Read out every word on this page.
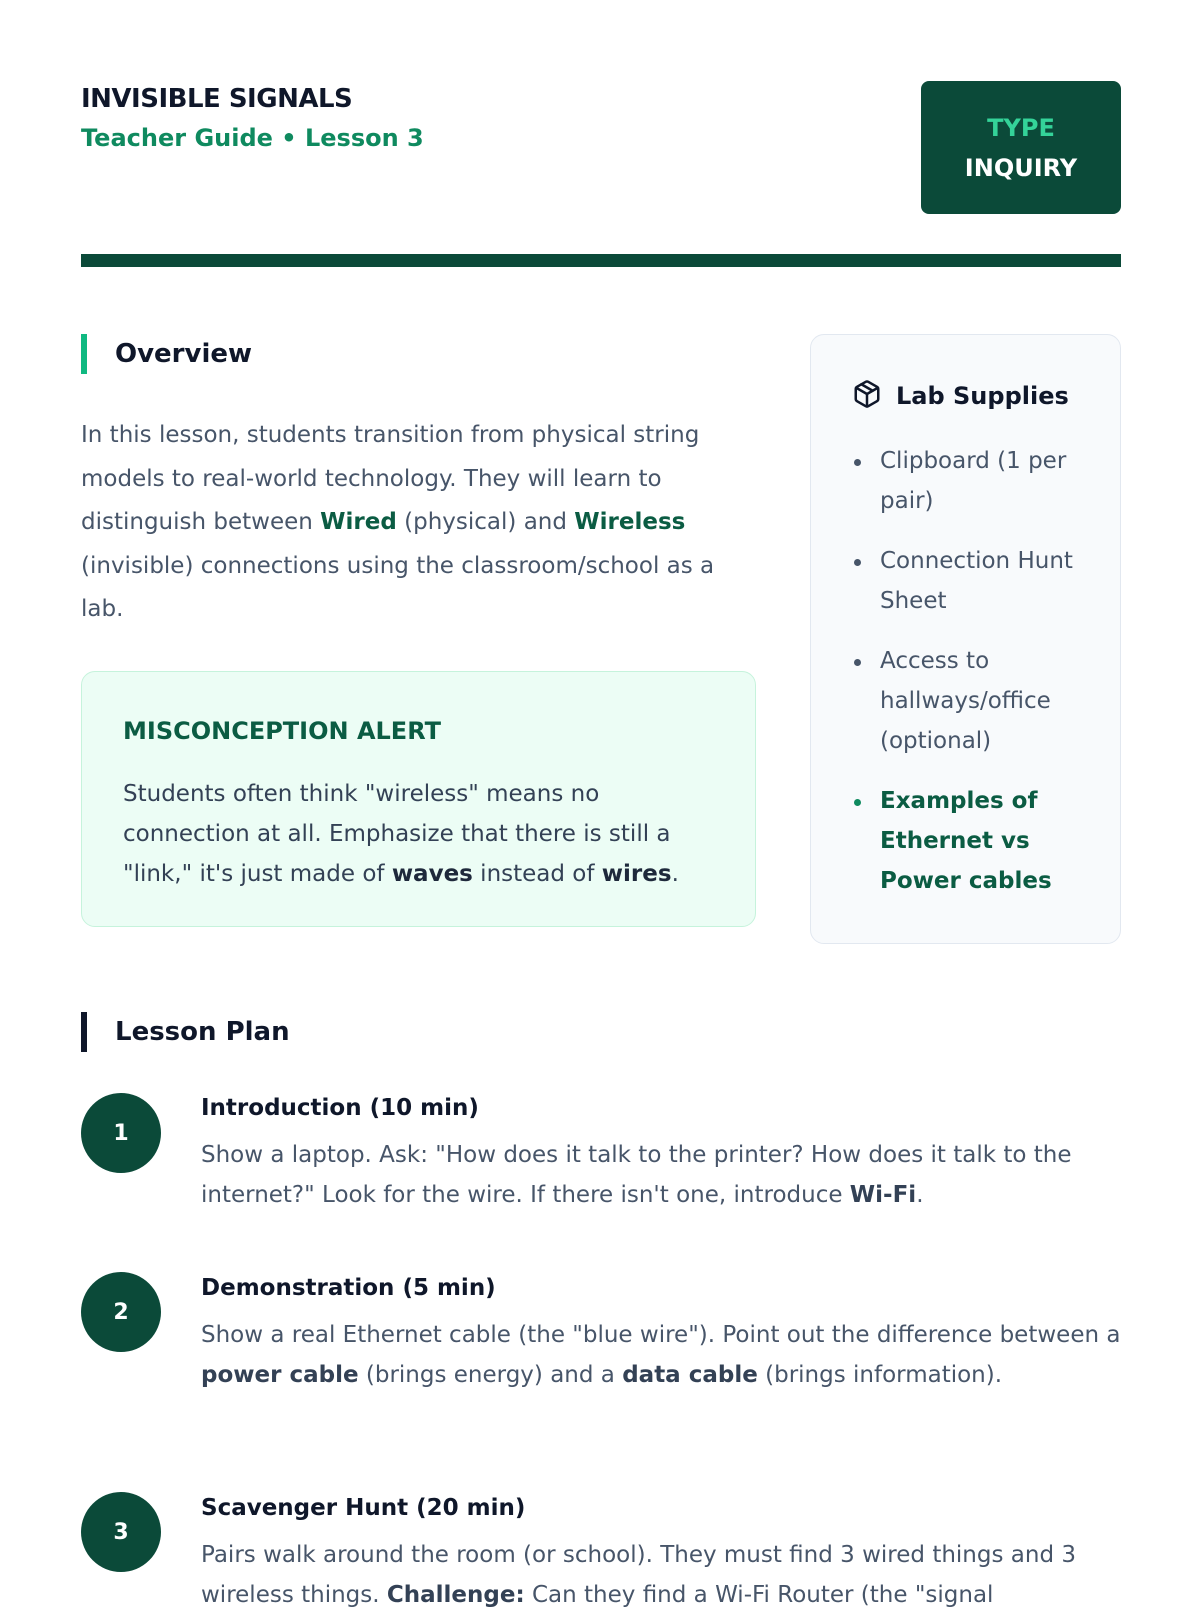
INVISIBLE SIGNALS
Teacher Guide • Lesson 3	TYPE
INQUIRY
Overview
In this lesson, students transition from physical string models to real-world technology. They will learn to distinguish between Wired (physical) and Wireless (invisible) connections using the classroom/school as a lab.
MISCONCEPTION ALERT
Students often think "wireless" means no connection at all. Emphasize that there is still a "link," it's just made of waves instead of wires.
Lab Supplies
Clipboard (1 per pair)
Connection Hunt Sheet
Access to hallways/office (optional)
Examples of Ethernet vs Power cables
Lesson Plan
1
Introduction (10 min)
Show a laptop. Ask: "How does it talk to the printer? How does it talk to the internet?" Look for the wire. If there isn't one, introduce Wi-Fi.
2
Demonstration (5 min)
Show a real Ethernet cable (the "blue wire"). Point out the difference between a power cable (brings energy) and a data cable (brings information).
3
Scavenger Hunt (20 min)
Pairs walk around the room (or school). They must find 3 wired things and 3 wireless things. Challenge: Can they find a Wi-Fi Router (the "signal
